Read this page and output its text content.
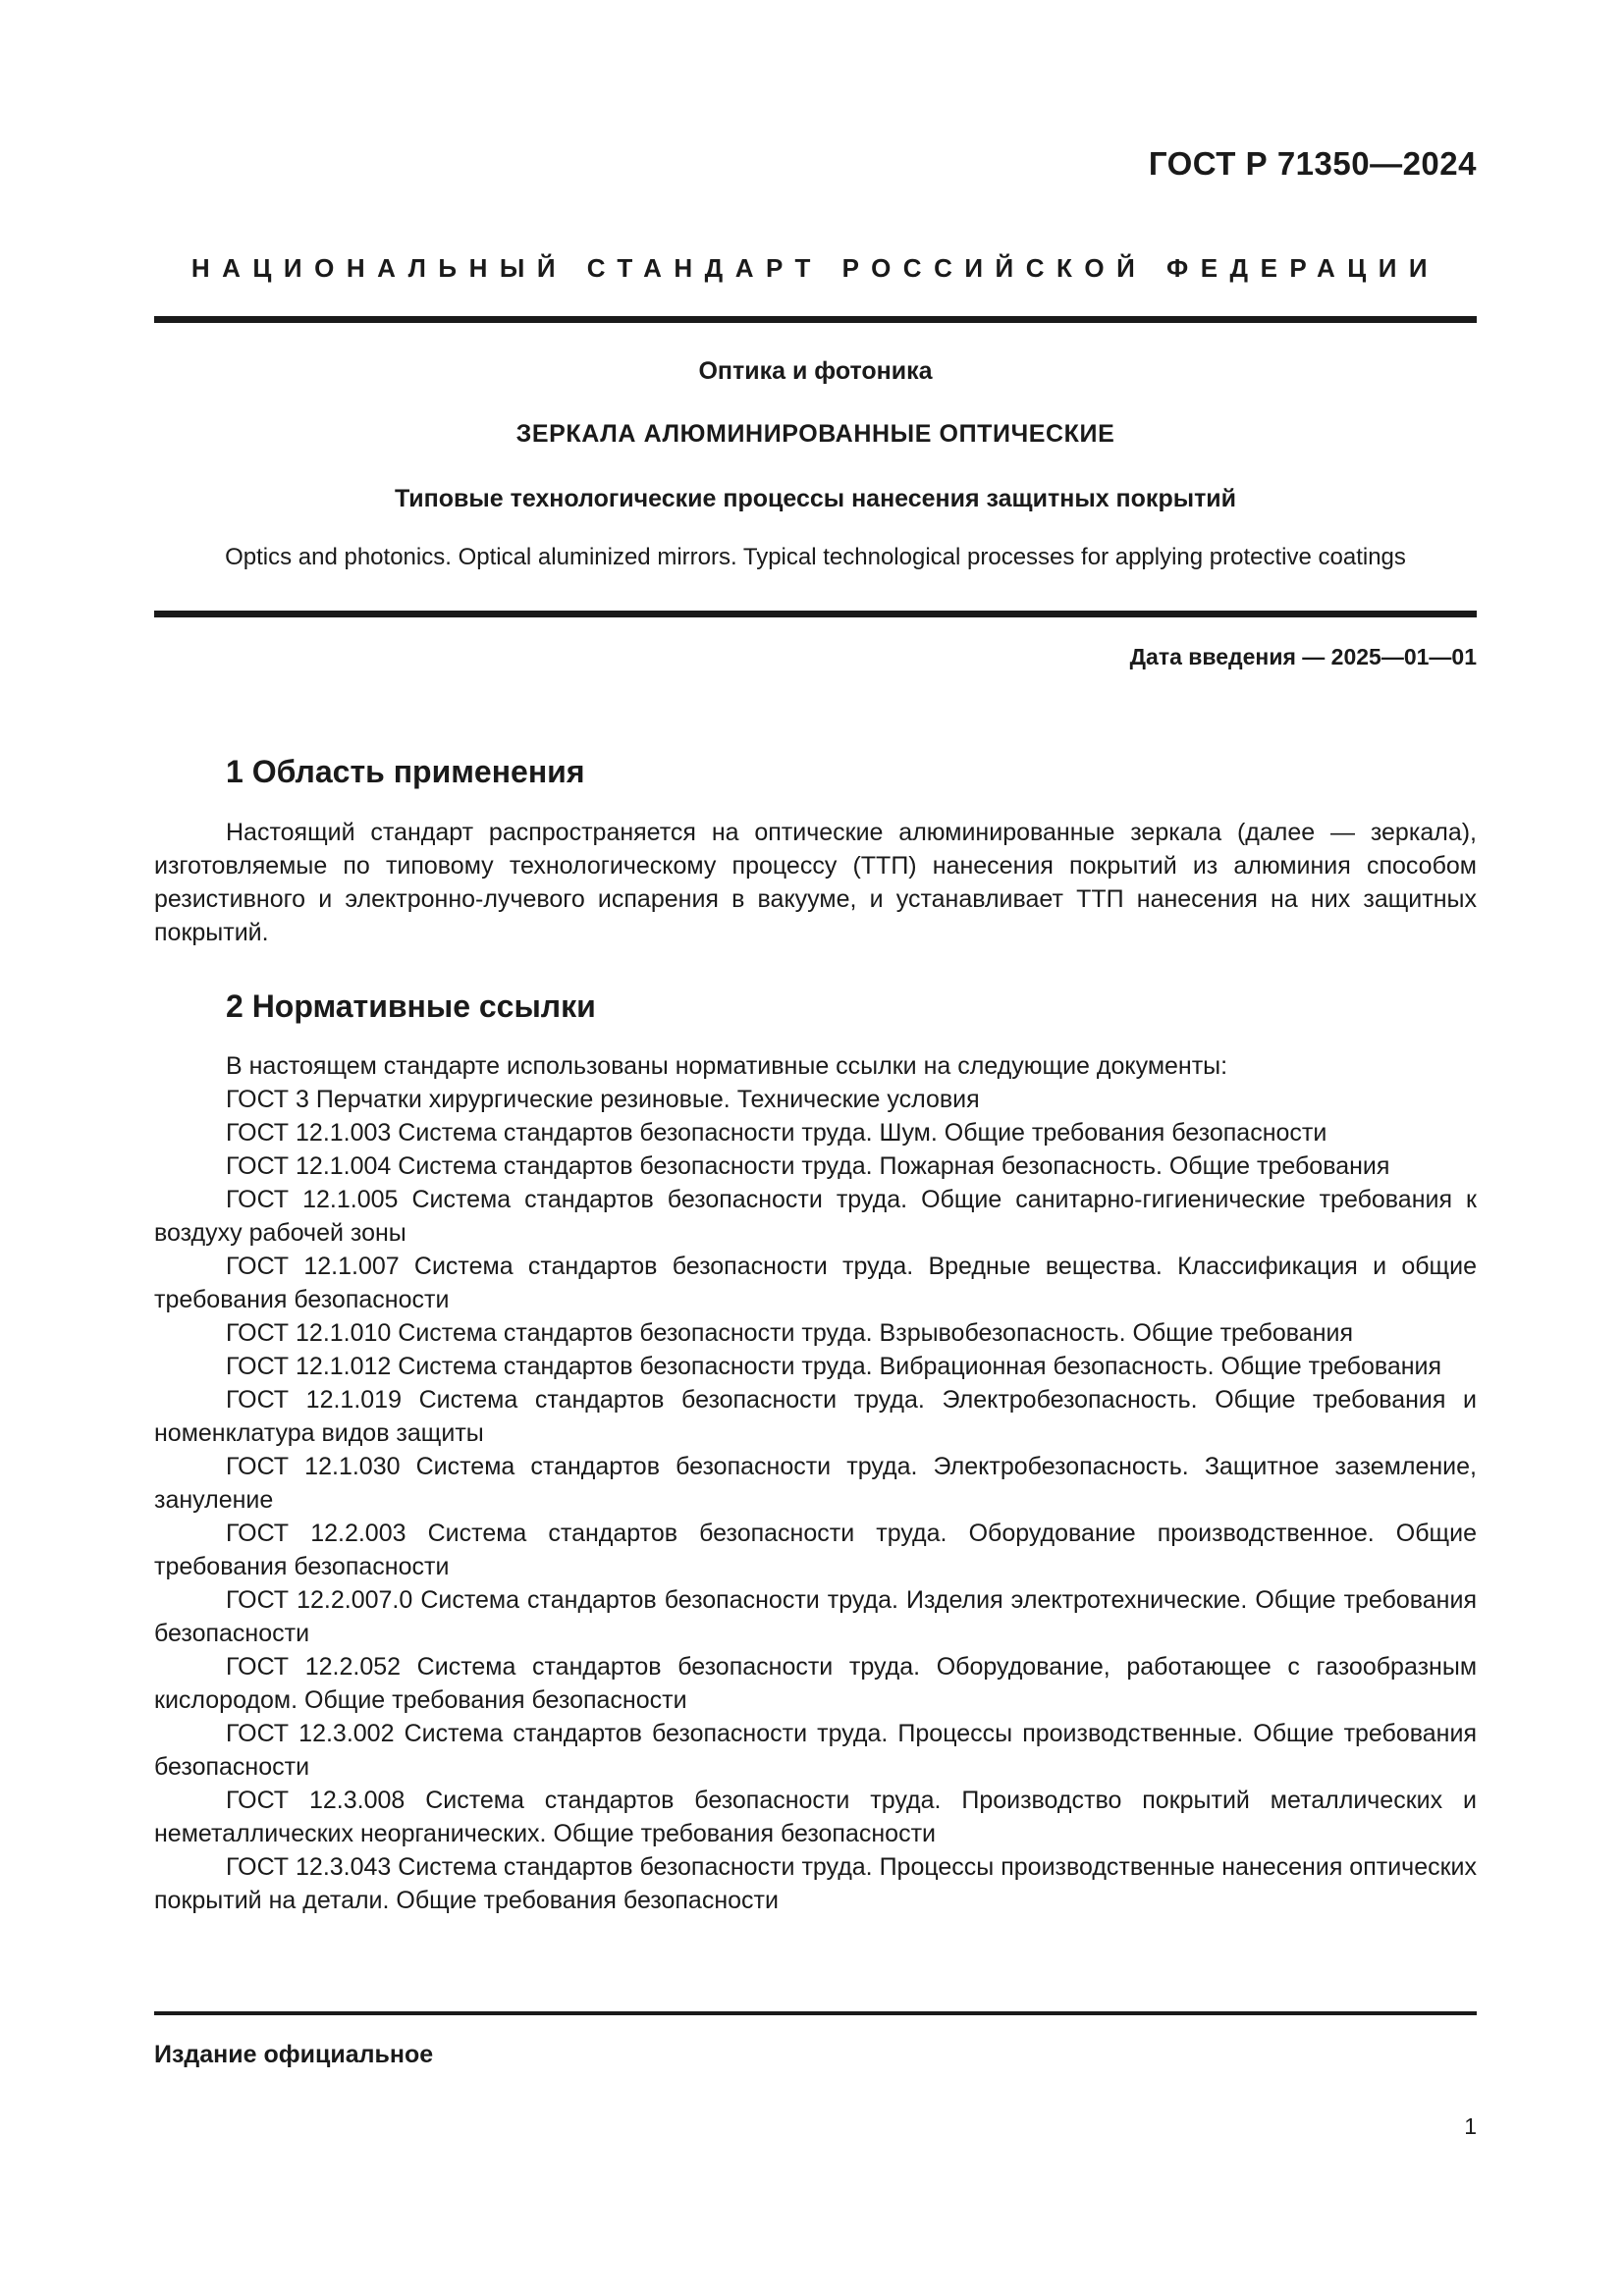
ГОСТ Р 71350—2024
НАЦИОНАЛЬНЫЙ СТАНДАРТ РОССИЙСКОЙ ФЕДЕРАЦИИ
Оптика и фотоника
ЗЕРКАЛА АЛЮМИНИРОВАННЫЕ ОПТИЧЕСКИЕ
Типовые технологические процессы нанесения защитных покрытий
Optics and photonics. Optical aluminized mirrors. Typical technological processes for applying protective coatings
Дата введения — 2025—01—01
1 Область применения

Настоящий стандарт распространяется на оптические алюминированные зеркала (далее — зеркала), изготовляемые по типовому технологическому процессу (ТТП) нанесения покрытий из алюминия способом резистивного и электронно-лучевого испарения в вакууме, и устанавливает ТТП нанесения на них защитных покрытий.

2 Нормативные ссылки

В настоящем стандарте использованы нормативные ссылки на следующие документы:

ГОСТ 3 Перчатки хирургические резиновые. Технические условия

ГОСТ 12.1.003 Система стандартов безопасности труда. Шум. Общие требования безопасности

ГОСТ 12.1.004 Система стандартов безопасности труда. Пожарная безопасность. Общие требования

ГОСТ 12.1.005 Система стандартов безопасности труда. Общие санитарно-гигиенические требования к воздуху рабочей зоны

ГОСТ 12.1.007 Система стандартов безопасности труда. Вредные вещества. Классификация и общие требования безопасности

ГОСТ 12.1.010 Система стандартов безопасности труда. Взрывобезопасность. Общие требования

ГОСТ 12.1.012 Система стандартов безопасности труда. Вибрационная безопасность. Общие требования

ГОСТ 12.1.019 Система стандартов безопасности труда. Электробезопасность. Общие требования и номенклатура видов защиты

ГОСТ 12.1.030 Система стандартов безопасности труда. Электробезопасность. Защитное заземление, зануление

ГОСТ 12.2.003 Система стандартов безопасности труда. Оборудование производственное. Общие требования безопасности

ГОСТ 12.2.007.0 Система стандартов безопасности труда. Изделия электротехнические. Общие требования безопасности

ГОСТ 12.2.052 Система стандартов безопасности труда. Оборудование, работающее с газообразным кислородом. Общие требования безопасности

ГОСТ 12.3.002 Система стандартов безопасности труда. Процессы производственные. Общие требования безопасности

ГОСТ 12.3.008 Система стандартов безопасности труда. Производство покрытий металлических и неметаллических неорганических. Общие требования безопасности

ГОСТ 12.3.043 Система стандартов безопасности труда. Процессы производственные нанесения оптических покрытий на детали. Общие требования безопасности

Издание официальное
1
